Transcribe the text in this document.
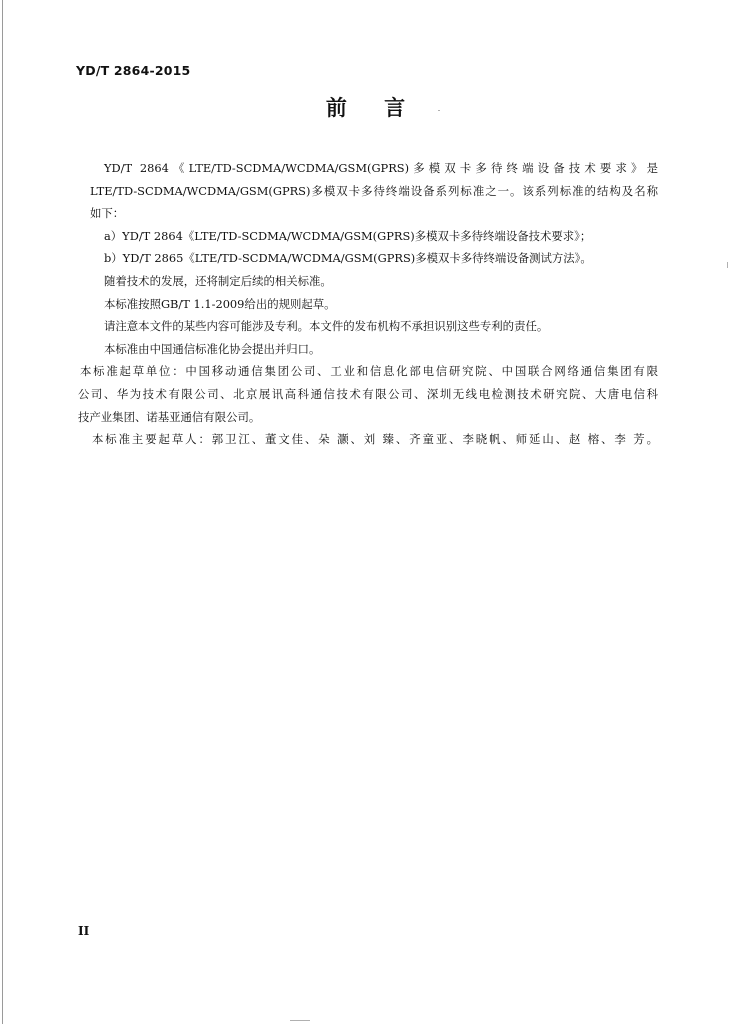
YD/T 2864-2015
前 言

YD/T 2864《LTE/TD-SCDMA/WCDMA/GSM(GPRS)多模双卡多待终端设备技术要求》是

LTE/TD-SCDMA/WCDMA/GSM(GPRS)多模双卡多待终端设备系列标准之一。该系列标准的结构及名称

如下：

a）YD/T 2864《LTE/TD-SCDMA/WCDMA/GSM(GPRS)多模双卡多待终端设备技术要求》；

b）YD/T 2865《LTE/TD-SCDMA/WCDMA/GSM(GPRS)多模双卡多待终端设备测试方法》。

随着技术的发展，还将制定后续的相关标准。

本标准按照GB/T 1.1-2009给出的规则起草。

请注意本文件的某些内容可能涉及专利。本文件的发布机构不承担识别这些专利的责任。

本标准由中国通信标准化协会提出并归口。

本标准起草单位：中国移动通信集团公司、工业和信息化部电信研究院、中国联合网络通信集团有限

公司、华为技术有限公司、北京展讯高科通信技术有限公司、深圳无线电检测技术研究院、大唐电信科

技产业集团、诺基亚通信有限公司。

本标准主要起草人：郭卫江、董文佳、朵 灏、刘 臻、齐童亚、李晓帆、师延山、赵 榕、李 芳。

II
